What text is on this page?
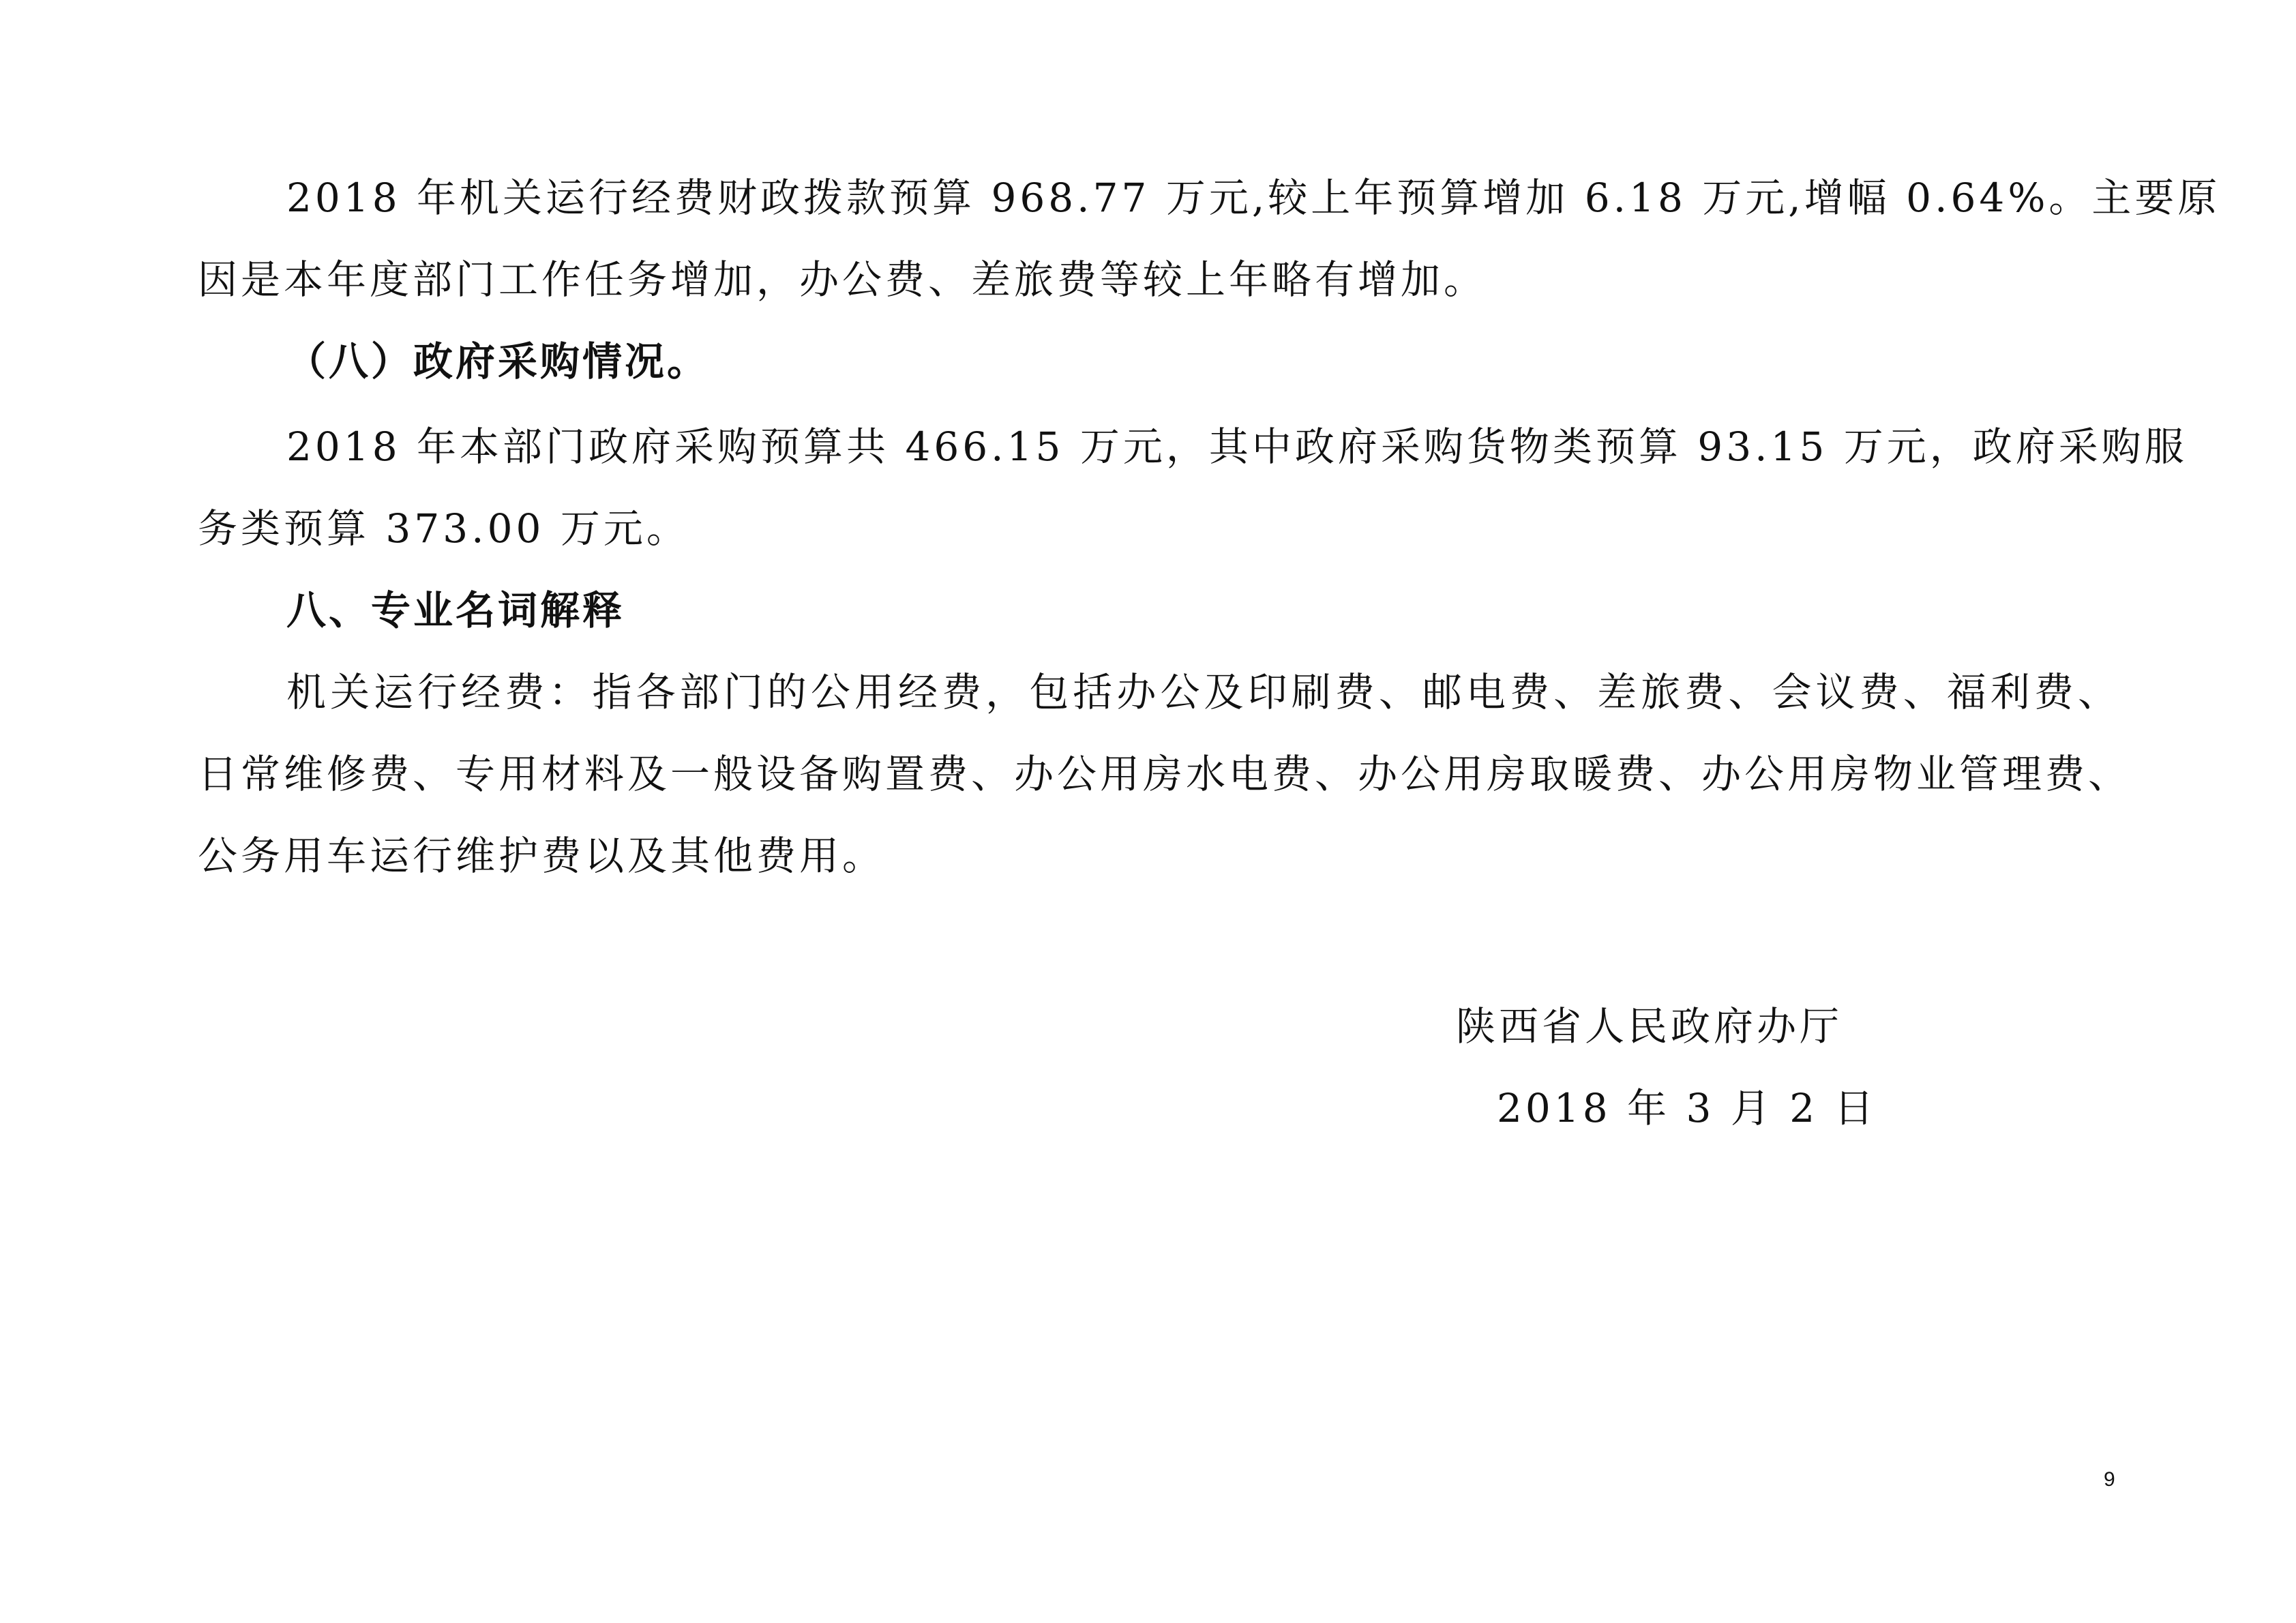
2018 年机关运行经费财政拨款预算 968.77 万元,较上年预算增加 6.18 万元,增幅 0.64%。主要原
因是本年度部门工作任务增加，办公费、差旅费等较上年略有增加。
（八）政府采购情况。
2018 年本部门政府采购预算共 466.15 万元，其中政府采购货物类预算 93.15 万元，政府采购服
务类预算 373.00 万元。
八、专业名词解释
机关运行经费：指各部门的公用经费，包括办公及印刷费、邮电费、差旅费、会议费、福利费、
日常维修费、专用材料及一般设备购置费、办公用房水电费、办公用房取暖费、办公用房物业管理费、
公务用车运行维护费以及其他费用。
陕西省人民政府办厅
2018 年 3 月 2 日
9
